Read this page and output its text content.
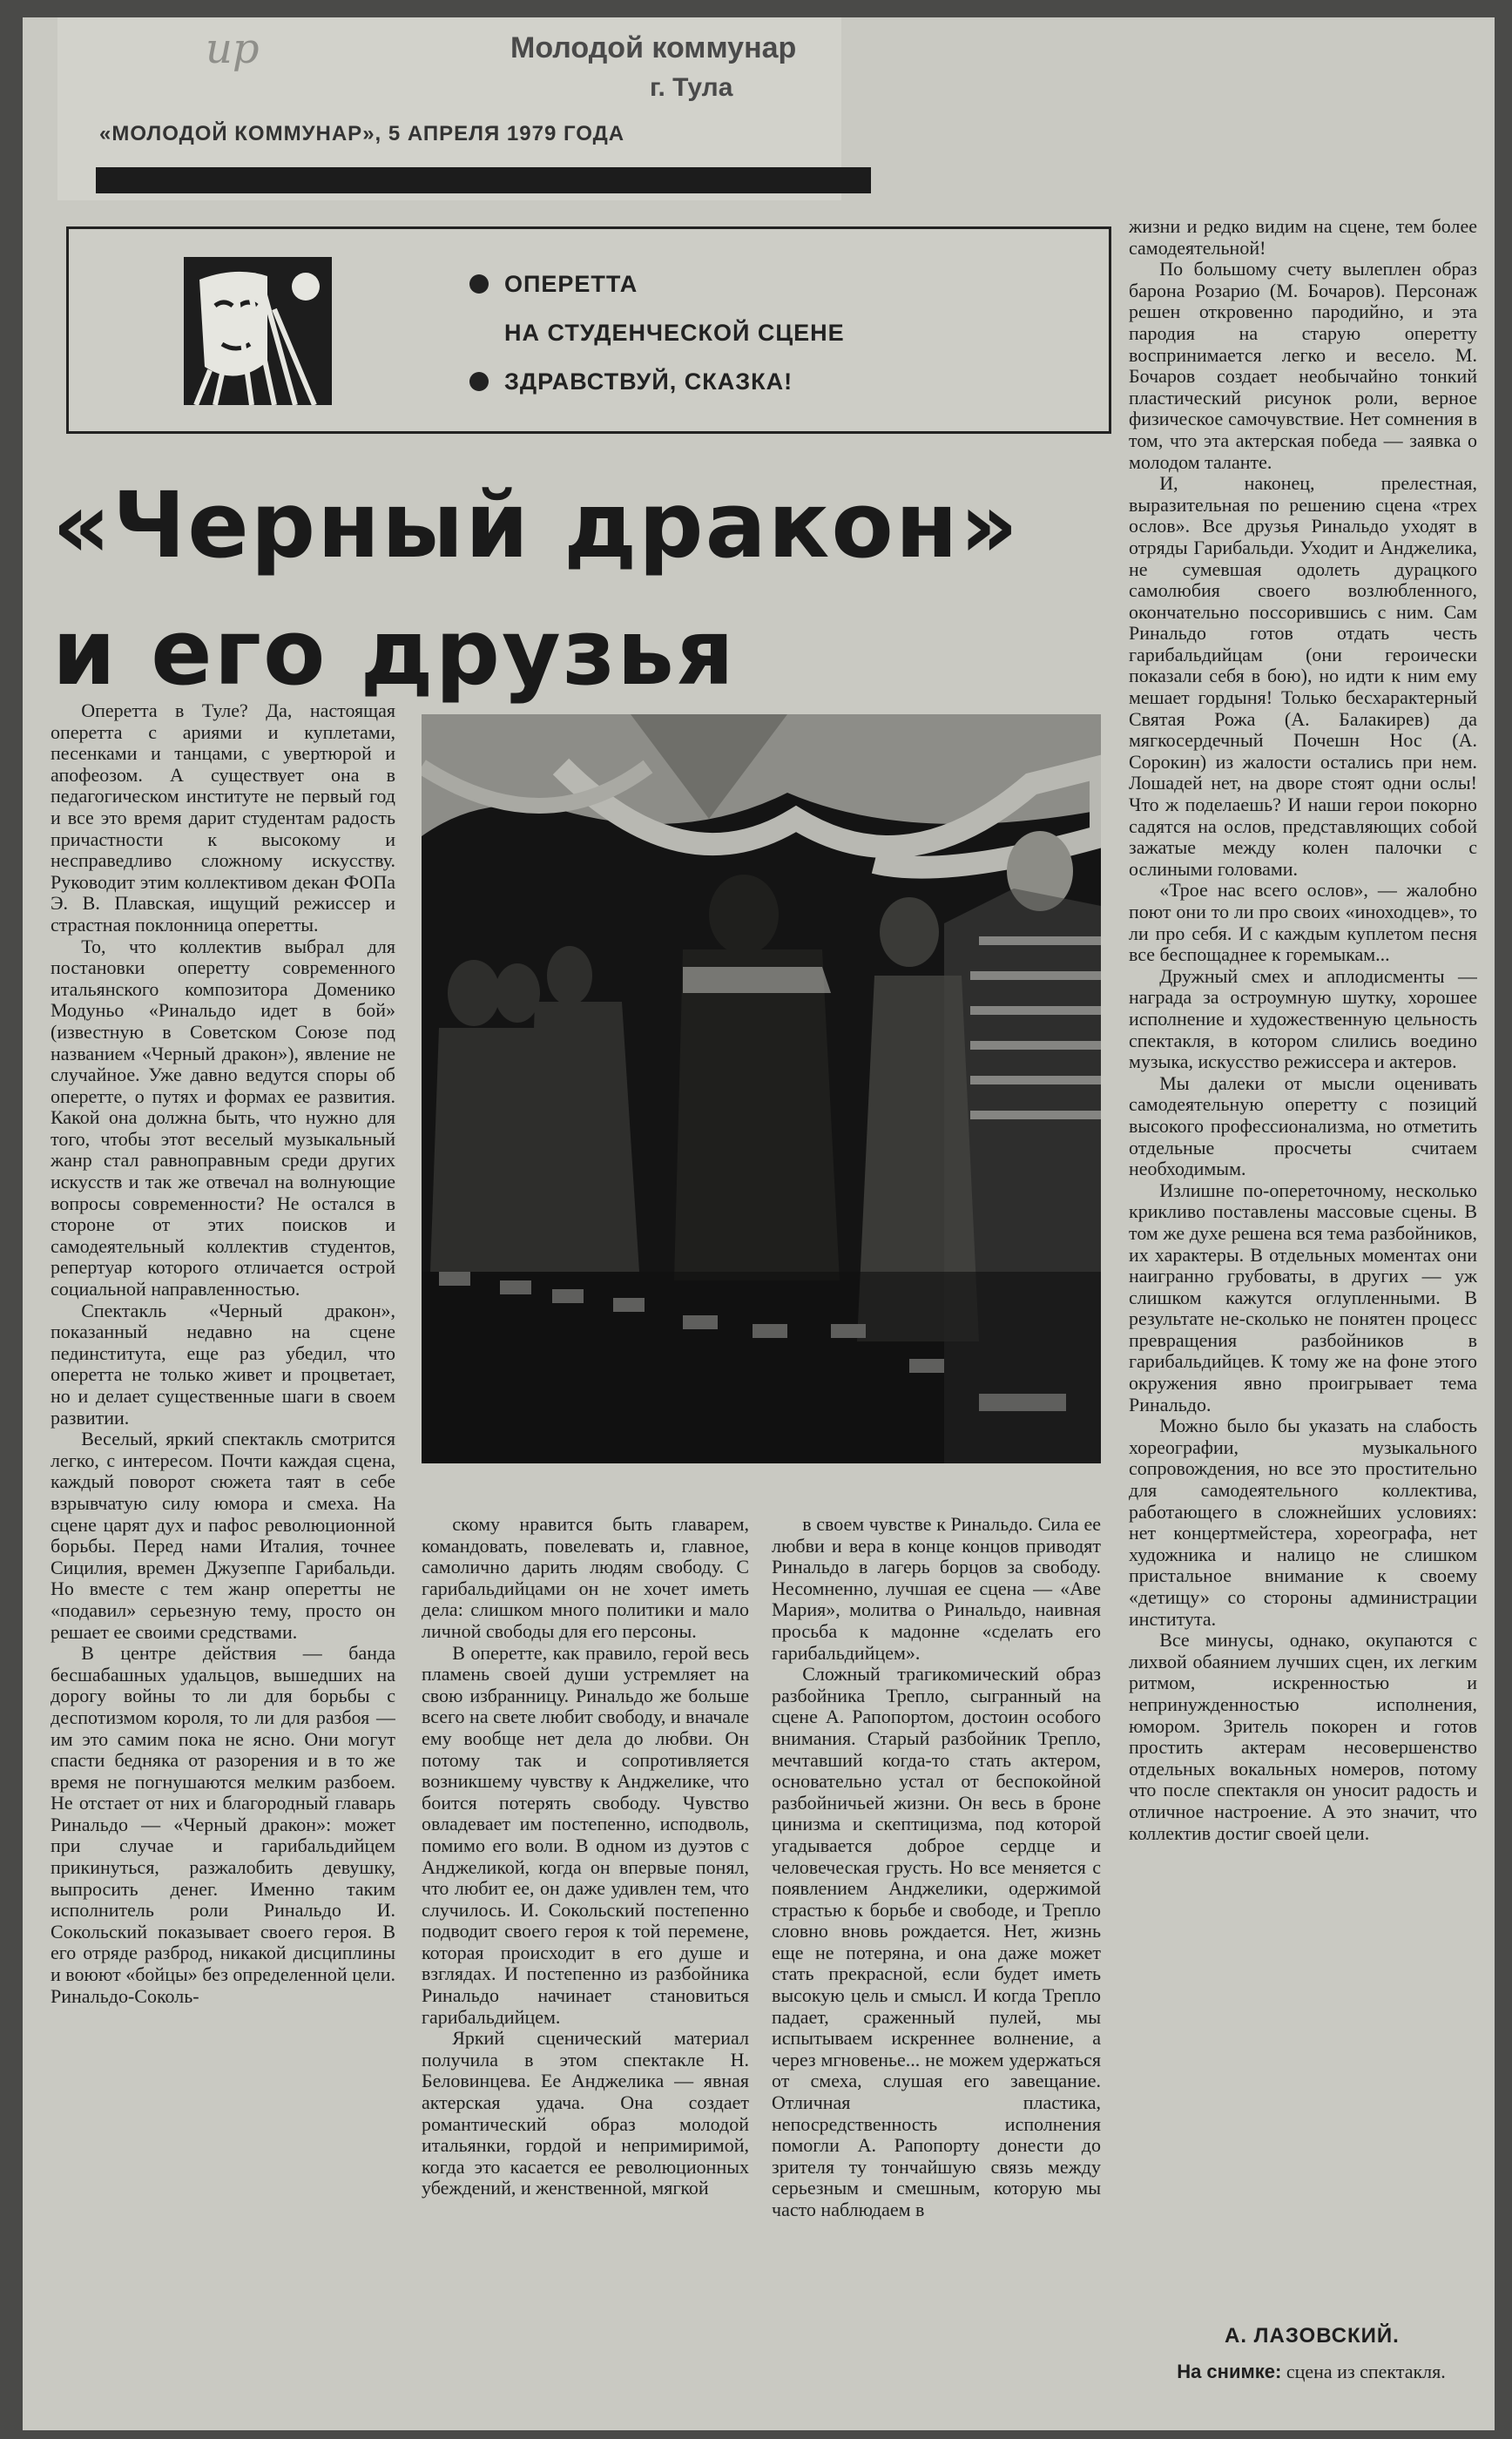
ир	Молодой коммунар
г. Тула
«МОЛОДОЙ КОММУНАР», 5 АПРЕЛЯ 1979 ГОДА
ОПЕРЕТТА
НА СТУДЕНЧЕСКОЙ СЦЕНЕ
ЗДРАВСТВУЙ, СКАЗКА!
«Черный дракон»
и его друзья

Оперетта в Туле? Да, настоящая оперетта с ариями и куплетами, песенками и танцами, с увертюрой и апофеозом. А существует она в педагогическом институте не первый год и все это время дарит студентам радость причастности к высокому и несправедливо сложному искусству. Руководит этим коллективом декан ФОПа Э. В. Плавская, ищущий режиссер и страстная поклонница оперетты.

То, что коллектив выбрал для постановки оперетту современного итальянского композитора Доменико Модуньо «Ринальдо идет в бой» (известную в Советском Союзе под названием «Черный дракон»), явление не случайное. Уже давно ведутся споры об оперетте, о путях и формах ее развития. Какой она должна быть, что нужно для того, чтобы этот веселый музыкальный жанр стал равноправным среди других искусств и так же отвечал на волнующие вопросы современности? Не остался в стороне от этих поисков и самодеятельный коллектив студентов, репертуар которого отличается острой социальной направленностью.

Спектакль «Черный дракон», показанный недавно на сцене пединститута, еще раз убедил, что оперетта не только живет и процветает, но и делает существенные шаги в своем развитии.

Веселый, яркий спектакль смотрится легко, с интересом. Почти каждая сцена, каждый поворот сюжета таят в себе взрывчатую силу юмора и смеха. На сцене царят дух и пафос революционной борьбы. Перед нами Италия, точнее Сицилия, времен Джузеппе Гарибальди. Но вместе с тем жанр оперетты не «подавил» серьезную тему, просто он решает ее своими средствами.

В центре действия — банда бесшабашных удальцов, вышедших на дорогу войны то ли для борьбы с деспотизмом короля, то ли для разбоя — им это самим пока не ясно. Они могут спасти бедняка от разорения и в то же время не погнушаются мелким разбоем. Не отстает от них и благородный главарь Ринальдо — «Черный дракон»: может при случае и гарибальдийцем прикинуться, разжалобить девушку, выпросить денег. Именно таким исполнитель роли Ринальдо И. Сокольский показывает своего героя. В его отряде разброд, никакой дисциплины и воюют «бойцы» без определенной цели. Ринальдо-Соколь-

скому нравится быть главарем, командовать, повелевать и, главное, самолично дарить людям свободу. С гарибальдийцами он не хочет иметь дела: слишком много политики и мало личной свободы для его персоны.

В оперетте, как правило, герой весь пламень своей души устремляет на свою избранницу. Ринальдо же больше всего на свете любит свободу, и вначале ему вообще нет дела до любви. Он потому так и сопротивляется возникшему чувству к Анджелике, что боится потерять свободу. Чувство овладевает им постепенно, исподволь, помимо его воли. В одном из дуэтов с Анджеликой, когда он впервые понял, что любит ее, он даже удивлен тем, что случилось. И. Сокольский постепенно подводит своего героя к той перемене, которая происходит в его душе и взглядах. И постепенно из разбойника Ринальдо начинает становиться гарибальдийцем.

Яркий сценический материал получила в этом спектакле Н. Беловинцева. Ее Анджелика — явная актерская удача. Она создает романтический образ молодой итальянки, гордой и непримиримой, когда это касается ее революционных убеждений, и женственной, мягкой

в своем чувстве к Ринальдо. Сила ее любви и вера в конце концов приводят Ринальдо в лагерь борцов за свободу. Несомненно, лучшая ее сцена — «Аве Мария», молитва о Ринальдо, наивная просьба к мадонне «сделать его гарибальдийцем».

Сложный трагикомический образ разбойника Трепло, сыгранный на сцене А. Рапопортом, достоин особого внимания. Старый разбойник Трепло, мечтавший когда-то стать актером, основательно устал от беспокойной разбойничьей жизни. Он весь в броне цинизма и скептицизма, под которой угадывается доброе сердце и человеческая грусть. Но все меняется с появлением Анджелики, одержимой страстью к борьбе и свободе, и Трепло словно вновь рождается. Нет, жизнь еще не потеряна, и она даже может стать прекрасной, если будет иметь высокую цель и смысл. И когда Трепло падает, сраженный пулей, мы испытываем искреннее волнение, а через мгновенье... не можем удержаться от смеха, слушая его завещание. Отличная пластика, непосредственность исполнения помогли А. Рапопорту донести до зрителя ту тончайшую связь между серьезным и смешным, которую мы часто наблюдаем в

жизни и редко видим на сцене, тем более самодеятельной!

По большому счету вылеплен образ барона Розарио (М. Бочаров). Персонаж решен откровенно пародийно, и эта пародия на старую оперетту воспринимается легко и весело. М. Бочаров создает необычайно тонкий пластический рисунок роли, верное физическое самочувствие. Нет сомнения в том, что эта актерская победа — заявка о молодом таланте.

И, наконец, прелестная, выразительная по решению сцена «трех ослов». Все друзья Ринальдо уходят в отряды Гарибальди. Уходит и Анджелика, не сумевшая одолеть дурацкого самолюбия своего возлюбленного, окончательно поссорившись с ним. Сам Ринальдо готов отдать честь гарибальдийцам (они героически показали себя в бою), но идти к ним ему мешает гордыня! Только бесхарактерный Святая Рожа (А. Балакирев) да мягкосердечный Почешн Нос (А. Сорокин) из жалости остались при нем. Лошадей нет, на дворе стоят одни ослы! Что ж поделаешь? И наши герои покорно садятся на ослов, представляющих собой зажатые между колен палочки с ослиными головами.

«Трое нас всего ослов», — жалобно поют они то ли про своих «иноходцев», то ли про себя. И с каждым куплетом песня все беспощаднее к горемыкам...

Дружный смех и аплодисменты — награда за остроумную шутку, хорошее исполнение и художественную цельность спектакля, в котором слились воедино музыка, искусство режиссера и актеров.

Мы далеки от мысли оценивать самодеятельную оперетту с позиций высокого профессионализма, но отметить отдельные просчеты считаем необходимым.

Излишне по-опереточному, несколько крикливо поставлены массовые сцены. В том же духе решена вся тема разбойников, их характеры. В отдельных моментах они наигранно грубоваты, в других — уж слишком кажутся оглупленными. В результате не-сколько не понятен процесс превращения разбойников в гарибальдийцев. К тому же на фоне этого окружения явно проигрывает тема Ринальдо.

Можно было бы указать на слабость хореографии, музыкального сопровождения, но все это простительно для самодеятельного коллектива, работающего в сложнейших условиях: нет концертмейстера, хореографа, нет художника и налицо не слишком пристальное внимание к своему «детищу» со стороны администрации института.

Все минусы, однако, окупаются с лихвой обаянием лучших сцен, их легким ритмом, искренностью и непринужденностью исполнения, юмором. Зритель покорен и готов простить актерам несовершенство отдельных вокальных номеров, потому что после спектакля он уносит радость и отличное настроение. А это значит, что коллектив достиг своей цели.

А. ЛАЗОВСКИЙ.
На снимке: сцена из спектакля.
